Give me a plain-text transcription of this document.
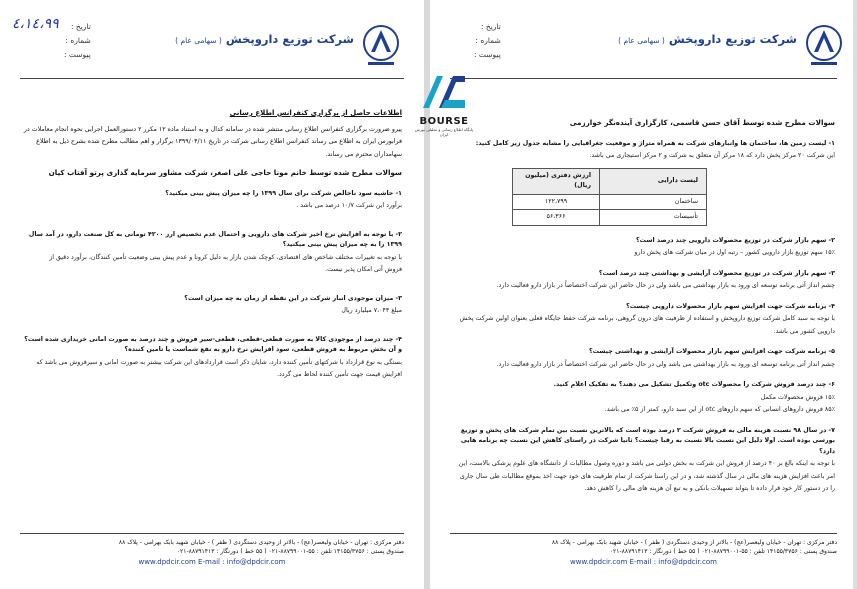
شرکت توزیع داروپخش ( سهامی عام )
تاریخ :
شماره :
پیوست :
۹۹،٤،١٤

اطلاعات حاصل از برگزاری کنفرانس اطلاع رسانی

پیرو ضرورت برگزاری کنفرانس اطلاع رسانی منتشر شده در سامانه کدال و به استناد ماده ۱۲ مکرر ۲ دستورالعمل اجرایی نحوه انجام معاملات در

فرابورس ایران به اطلاع می رساند کنفرانس اطلاع رسانی شرکت در تاریخ ۱۳۹۹/۰۴/۱۱ برگزار و اهم مطالب مطرح شده بشرح ذیل به اطلاع

سهامداران محترم می رساند.

سوالات مطرح شده توسط خانم مونا حاجی علی اصغر، شرکت مشاور سرمایه گذاری پرتو آفتاب کیان

۱- حاشیه سود ناخالص شرکت برای سال ۱۳۹۹ را چه میزان پیش بینی میکنید؟

برآورد این شرکت ۱۰/۷ درصد می باشد .

۲- با توجه به افزایش نرخ اخیر شرکت های دارویی و احتمال عدم تخصیص ارز ۴۲۰۰ تومانی به کل صنعت دارو، در آمد سال ۱۳۹۹ را به چه میزان پیش بینی میکنید؟

با توجه به تغییرات مختلف شاخص های اقتصادی، کوچک شدن بازار به دلیل کرونا و عدم پیش بینی وضعیت تأمین کنندگان، برآورد دقیق از

فروش آتی امکان پذیر نیست.

۳- میزان موجودی انبار شرکت در این نقطه از زمان به چه میزان است؟

مبلغ ۷،۰۴۴ میلیارد ریال

۴- چند درصد از موجودی کالا به صورت قطعی-قطعی، قطعی-سیر فروش و چند درصد به صورت امانی خریداری شده است؟ و آن بخش مربوط به فروش قطعی، سود افزایش نرخ دارو به نفع شماست یا تامین کننده؟

بستگی به نوع قرارداد با شرکتهای تأمین کننده دارد، شایان ذکر است قراردادهای این شرکت بیشتر به صورت امانی و سیرفروش می باشد که

افزایش قیمت جهت تأمین کننده لحاظ می گردد.

دفتر مرکزی : تهران - خیابان ولیعصر(عج) - بالاتر از وحیدی دستگردی ( ظفر ) - خیابان شهید بابک بهرامی - پلاک ۸۸
صندوق پستی : ۱۴۱۵۵/۳۷۵۶ تلفن : ۵۵-۸۸۷۹۹۰۰۱-۰۲۱ ( ۵۵ خط ) دورنگار : ۸۸۷۹۱۴۱۳-۰۲۱
www.dpdcir.com E-mail : info@dpdcir.com
شرکت توزیع داروپخش ( سهامی عام )
تاریخ :
شماره :
پیوست :

سوالات مطرح شده توسط آقای حسن قاسمی، کارگزاری آینده‌نگر خوارزمی

۱- لیست زمین ها، ساختمان ها وانبارهای شرکت به همراه متراژ و موقعیت جغرافیایی را مشابه جدول زیر کامل کنید:

این شرکت ۲۰ مرکز پخش دارد که ۱۸ مرکز آن متعلق به شرکت و ۲ مرکز استیجاری می باشد.

لیست دارایی	ارزش دفتری (میلیون ریال)
ساختمان	۱۲۲،۷۹۹
تأسیسات	۵۶،۳۶۶

۲- سهم بازار شرکت در توزیع محصولات دارویی چند درصد است؟

۱۵٪ سهم توزیع بازار دارویی کشور – رتبه اول در میان شرکت های پخش دارو

۳- سهم بازار شرکت در توزیع محصولات آرایشی و بهداشتی چند درصد است؟

چشم انداز آتی برنامه توسعه ای ورود به بازار بهداشتی می باشد ولی در حال حاضر این شرکت اختصاصاً در بازار دارو فعالیت دارد.

۴- برنامه شرکت جهت افزایش سهم بازار محصولات دارویی چیست؟

با توجه به سبد کامل شرکت توزیع داروپخش و استفاده از ظرفیت های درون گروهی، برنامه شرکت حفظ جایگاه فعلی بعنوان اولین شرکت پخش

دارویی کشور می باشد.

۵- برنامه شرکت جهت افزایش سهم بازار محصولات آرایشی و بهداشتی چیست؟

چشم انداز آتی برنامه توسعه ای ورود به بازار بهداشتی می باشد ولی در حال حاضر این شرکت اختصاصاً در بازار دارو فعالیت دارد.

۶- چند درصد فروش شرکت را محصولات otc وتکمیل تشکیل می دهند؟ به تفکیک اعلام کنید.

۱۵٪ فروش محصولات مکمل

۸۵٪ فروش داروهای انسانی که سهم داروهای otc از این سبد دارو، کمتر از ۵٪ می باشد.

۷- در سال ۹۸ نسبت هزینه مالی به فروش شرکت ۲ درصد بوده است که بالاترین نسبت بین تمام شرکت های پخش و توزیع بورسی بوده است. اولا دلیل این نسبت بالا نسبت به رقبا چیست؟ ثانیا شرکت در راستای کاهش این نسبت چه برنامه هایی دارد؟

با توجه به اینکه بالغ بر ۴۰ درصد از فروش این شرکت به بخش دولتی می باشد و دوره وصول مطالبات از دانشگاه های علوم پزشکی بالاست، این

امر باعث افزایش هزینه های مالی در سال گذشته شد، و در این راستا شرکت از تمام ظرفیت های خود جهت اخذ بموقع مطالبات طی سال جاری

را در دستور کار خود قرار داده تا بتواند تسهیلات بانکی و به تبع آن هزینه های مالی را کاهش دهد.

دفتر مرکزی : تهران - خیابان ولیعصر(عج) - بالاتر از وحیدی دستگردی ( ظفر ) - خیابان شهید بابک بهرامی - پلاک ۸۸
صندوق پستی : ۱۴۱۵۵/۳۷۵۶ تلفن : ۵۵-۸۸۷۹۹۰۰۱-۰۲۱ ( ۵۵ خط ) دورنگار : ۸۸۷۹۱۴۱۳-۰۲۱
www.dpdcir.com E-mail : info@dpdcir.com
BOURSE
پایگاه اطلاع رسانی و تحلیلی بورس ایران
